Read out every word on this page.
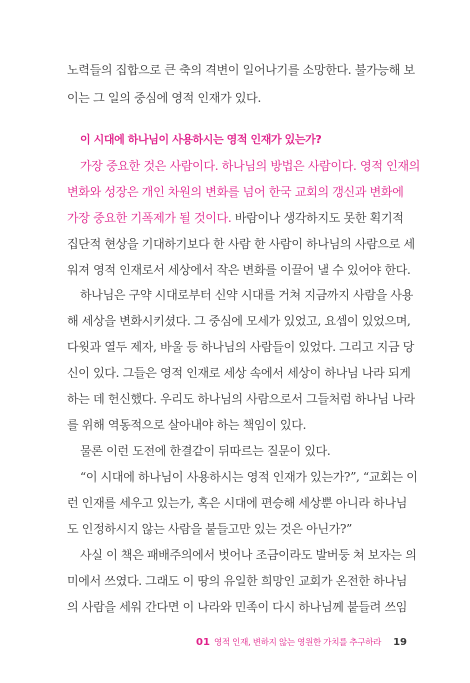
노력들의 집합으로 큰 축의 격변이 일어나기를 소망한다. 불가능해 보
이는 그 일의 중심에 영적 인재가 있다.
이 시대에 하나님이 사용하시는 영적 인재가 있는가?
가장 중요한 것은 사람이다. 하나님의 방법은 사람이다. 영적 인재의
변화와 성장은 개인 차원의 변화를 넘어 한국 교회의 갱신과 변화에
가장 중요한 기폭제가 될 것이다. 바람이나 생각하지도 못한 획기적
집단적 현상을 기대하기보다 한 사람 한 사람이 하나님의 사람으로 세
워져 영적 인재로서 세상에서 작은 변화를 이끌어 낼 수 있어야 한다.
하나님은 구약 시대로부터 신약 시대를 거쳐 지금까지 사람을 사용
해 세상을 변화시키셨다. 그 중심에 모세가 있었고, 요셉이 있었으며,
다윗과 열두 제자, 바울 등 하나님의 사람들이 있었다. 그리고 지금 당
신이 있다. 그들은 영적 인재로 세상 속에서 세상이 하나님 나라 되게
하는 데 헌신했다. 우리도 하나님의 사람으로서 그들처럼 하나님 나라
를 위해 역동적으로 살아내야 하는 책임이 있다.
물론 이런 도전에 한결같이 뒤따르는 질문이 있다.
“이 시대에 하나님이 사용하시는 영적 인재가 있는가?”, “교회는 이
런 인재를 세우고 있는가, 혹은 시대에 편승해 세상뿐 아니라 하나님
도 인정하시지 않는 사람을 붙들고만 있는 것은 아닌가?”
사실 이 책은 패배주의에서 벗어나 조금이라도 발버둥 쳐 보자는 의
미에서 쓰였다. 그래도 이 땅의 유일한 희망인 교회가 온전한 하나님
의 사람을 세워 간다면 이 나라와 민족이 다시 하나님께 붙들려 쓰임
01 영적 인재, 변하지 않는 영원한 가치를 추구하라 19
